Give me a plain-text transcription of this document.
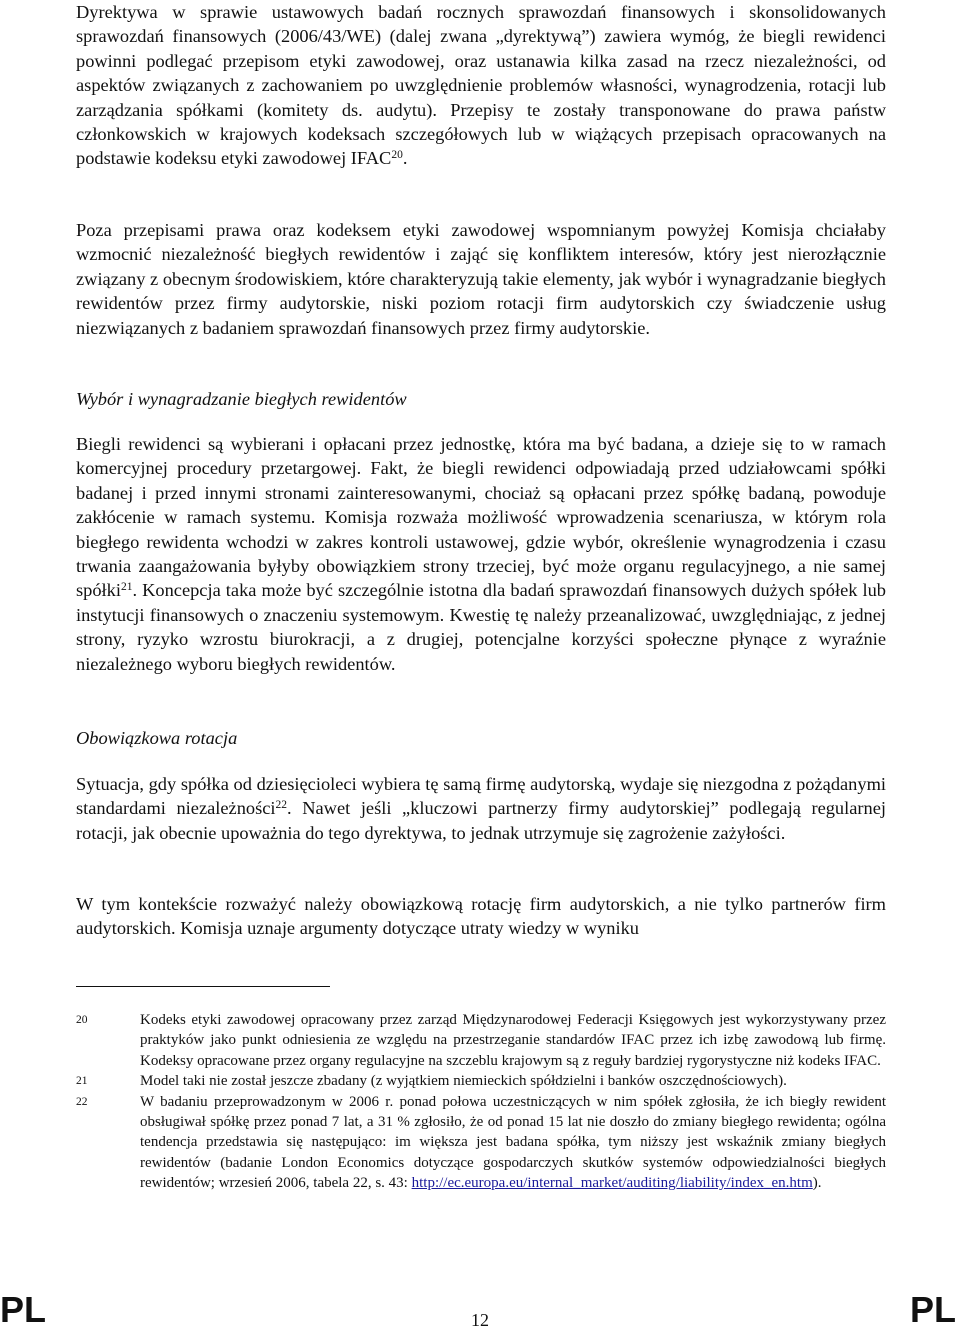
Dyrektywa w sprawie ustawowych badań rocznych sprawozdań finansowych i skonsolidowanych sprawozdań finansowych (2006/43/WE) (dalej zwana „dyrektywą”) zawiera wymóg, że biegli rewidenci powinni podlegać przepisom etyki zawodowej, oraz ustanawia kilka zasad na rzecz niezależności, od aspektów związanych z zachowaniem po uwzględnienie problemów własności, wynagrodzenia, rotacji lub zarządzania spółkami (komitety ds. audytu). Przepisy te zostały transponowane do prawa państw członkowskich w krajowych kodeksach szczegółowych lub w wiążących przepisach opracowanych na podstawie kodeksu etyki zawodowej IFAC$^{20}$.

Poza przepisami prawa oraz kodeksem etyki zawodowej wspomnianym powyżej Komisja chciałaby wzmocnić niezależność biegłych rewidentów i zająć się konfliktem interesów, który jest nierozłącznie związany z obecnym środowiskiem, które charakteryzują takie elementy, jak wybór i wynagradzanie biegłych rewidentów przez firmy audytorskie, niski poziom rotacji firm audytorskich czy świadczenie usług niezwiązanych z badaniem sprawozdań finansowych przez firmy audytorskie.

Wybór i wynagradzanie biegłych rewidentów

Biegli rewidenci są wybierani i opłacani przez jednostkę, która ma być badana, a dzieje się to w ramach komercyjnej procedury przetargowej. Fakt, że biegli rewidenci odpowiadają przed udziałowcami spółki badanej i przed innymi stronami zainteresowanymi, chociaż są opłacani przez spółkę badaną, powoduje zakłócenie w ramach systemu. Komisja rozważa możliwość wprowadzenia scenariusza, w którym rola biegłego rewidenta wchodzi w zakres kontroli ustawowej, gdzie wybór, określenie wynagrodzenia i czasu trwania zaangażowania byłyby obowiązkiem strony trzeciej, być może organu regulacyjnego, a nie samej spółki$^{21}$. Koncepcja taka może być szczególnie istotna dla badań sprawozdań finansowych dużych spółek lub instytucji finansowych o znaczeniu systemowym. Kwestię tę należy przeanalizować, uwzględniając, z jednej strony, ryzyko wzrostu biurokracji, a z drugiej, potencjalne korzyści społeczne płynące z wyraźnie niezależnego wyboru biegłych rewidentów.

Obowiązkowa rotacja

Sytuacja, gdy spółka od dziesięcioleci wybiera tę samą firmę audytorską, wydaje się niezgodna z pożądanymi standardami niezależności$^{22}$. Nawet jeśli „kluczowi partnerzy firmy audytorskiej” podlegają regularnej rotacji, jak obecnie upoważnia do tego dyrektywa, to jednak utrzymuje się zagrożenie zażyłości.

W tym kontekście rozważyć należy obowiązkową rotację firm audytorskich, a nie tylko partnerów firm audytorskich. Komisja uznaje argumenty dotyczące utraty wiedzy w wyniku

20	Kodeks etyki zawodowej opracowany przez zarząd Międzynarodowej Federacji Księgowych jest wykorzystywany przez praktyków jako punkt odniesienia ze względu na przestrzeganie standardów IFAC przez ich izbę zawodową lub firmę. Kodeksy opracowane przez organy regulacyjne na szczeblu krajowym są z reguły bardziej rygorystyczne niż kodeks IFAC.
21	Model taki nie został jeszcze zbadany (z wyjątkiem niemieckich spółdzielni i banków oszczędnościowych).
22	W badaniu przeprowadzonym w 2006 r. ponad połowa uczestniczących w nim spółek zgłosiła, że ich biegły rewident obsługiwał spółkę przez ponad 7 lat, a 31 % zgłosiło, że od ponad 15 lat nie doszło do zmiany biegłego rewidenta; ogólna tendencja przedstawia się następująco: im większa jest badana spółka, tym niższy jest wskaźnik zmiany biegłych rewidentów (badanie London Economics dotyczące gospodarczych skutków systemów odpowiedzialności biegłych rewidentów; wrzesień 2006, tabela 22, s. 43: http://ec.europa.eu/internal_market/auditing/liability/index_en.htm).
PL	12	PL
